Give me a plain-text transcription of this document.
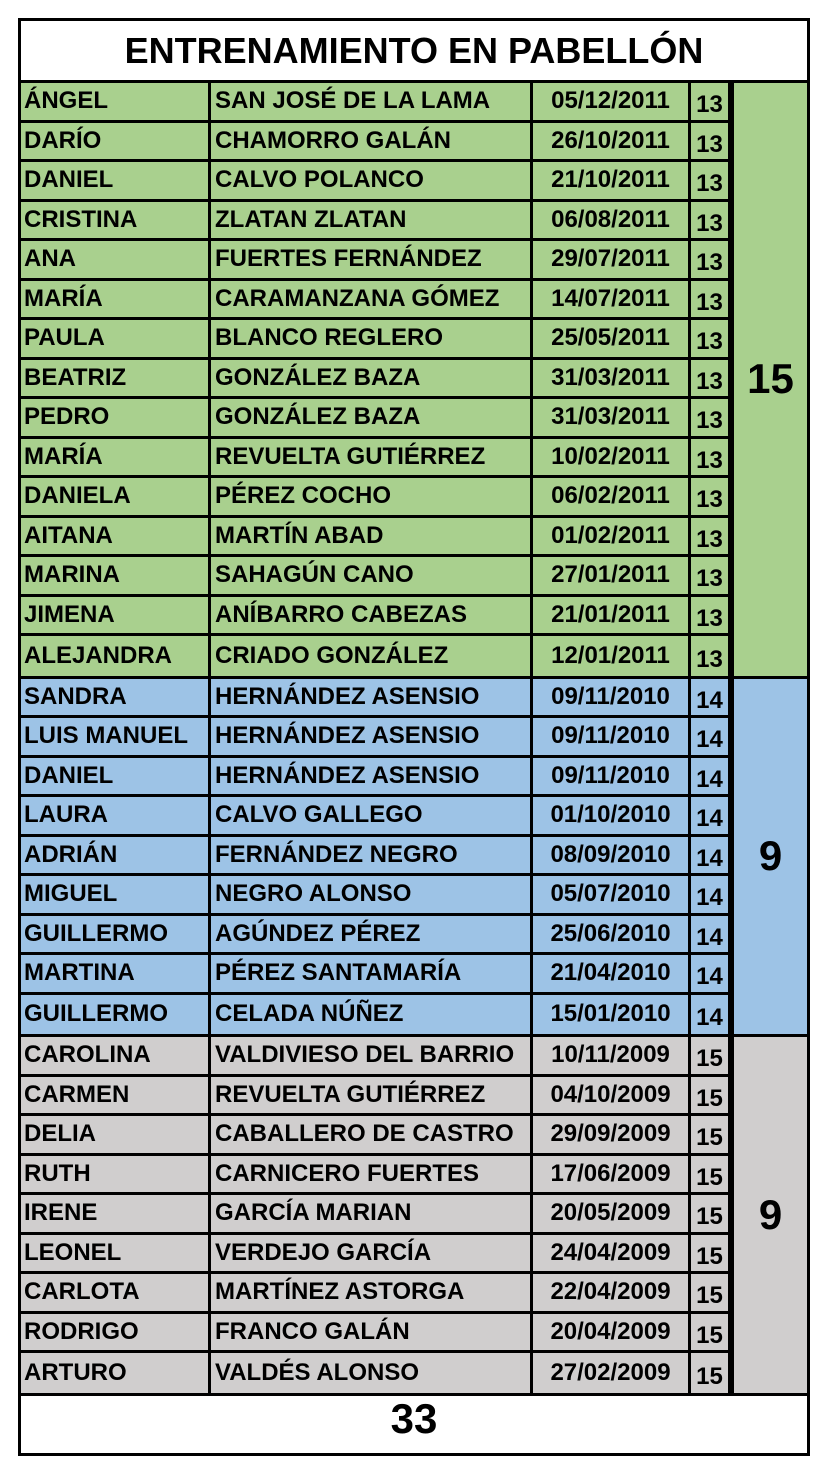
ENTRENAMIENTO EN PABELLÓN
ÁNGEL	SAN JOSÉ DE LA LAMA	05/12/2011	13
DARÍO	CHAMORRO GALÁN	26/10/2011	13
DANIEL	CALVO POLANCO	21/10/2011	13
CRISTINA	ZLATAN ZLATAN	06/08/2011	13
ANA	FUERTES FERNÁNDEZ	29/07/2011	13
MARÍA	CARAMANZANA GÓMEZ	14/07/2011	13
PAULA	BLANCO REGLERO	25/05/2011	13
BEATRIZ	GONZÁLEZ BAZA	31/03/2011	13
PEDRO	GONZÁLEZ BAZA	31/03/2011	13
MARÍA	REVUELTA GUTIÉRREZ	10/02/2011	13
DANIELA	PÉREZ COCHO	06/02/2011	13
AITANA	MARTÍN ABAD	01/02/2011	13
MARINA	SAHAGÚN CANO	27/01/2011	13
JIMENA	ANÍBARRO CABEZAS	21/01/2011	13
ALEJANDRA	CRIADO GONZÁLEZ	12/01/2011	13
15
SANDRA	HERNÁNDEZ ASENSIO	09/11/2010	14
LUIS MANUEL	HERNÁNDEZ ASENSIO	09/11/2010	14
DANIEL	HERNÁNDEZ ASENSIO	09/11/2010	14
LAURA	CALVO GALLEGO	01/10/2010	14
ADRIÁN	FERNÁNDEZ NEGRO	08/09/2010	14
MIGUEL	NEGRO ALONSO	05/07/2010	14
GUILLERMO	AGÚNDEZ PÉREZ	25/06/2010	14
MARTINA	PÉREZ SANTAMARÍA	21/04/2010	14
GUILLERMO	CELADA NÚÑEZ	15/01/2010	14
9
CAROLINA	VALDIVIESO DEL BARRIO	10/11/2009	15
CARMEN	REVUELTA GUTIÉRREZ	04/10/2009	15
DELIA	CABALLERO DE CASTRO	29/09/2009	15
RUTH	CARNICERO FUERTES	17/06/2009	15
IRENE	GARCÍA MARIAN	20/05/2009	15
LEONEL	VERDEJO GARCÍA	24/04/2009	15
CARLOTA	MARTÍNEZ ASTORGA	22/04/2009	15
RODRIGO	FRANCO GALÁN	20/04/2009	15
ARTURO	VALDÉS ALONSO	27/02/2009	15
9
33
